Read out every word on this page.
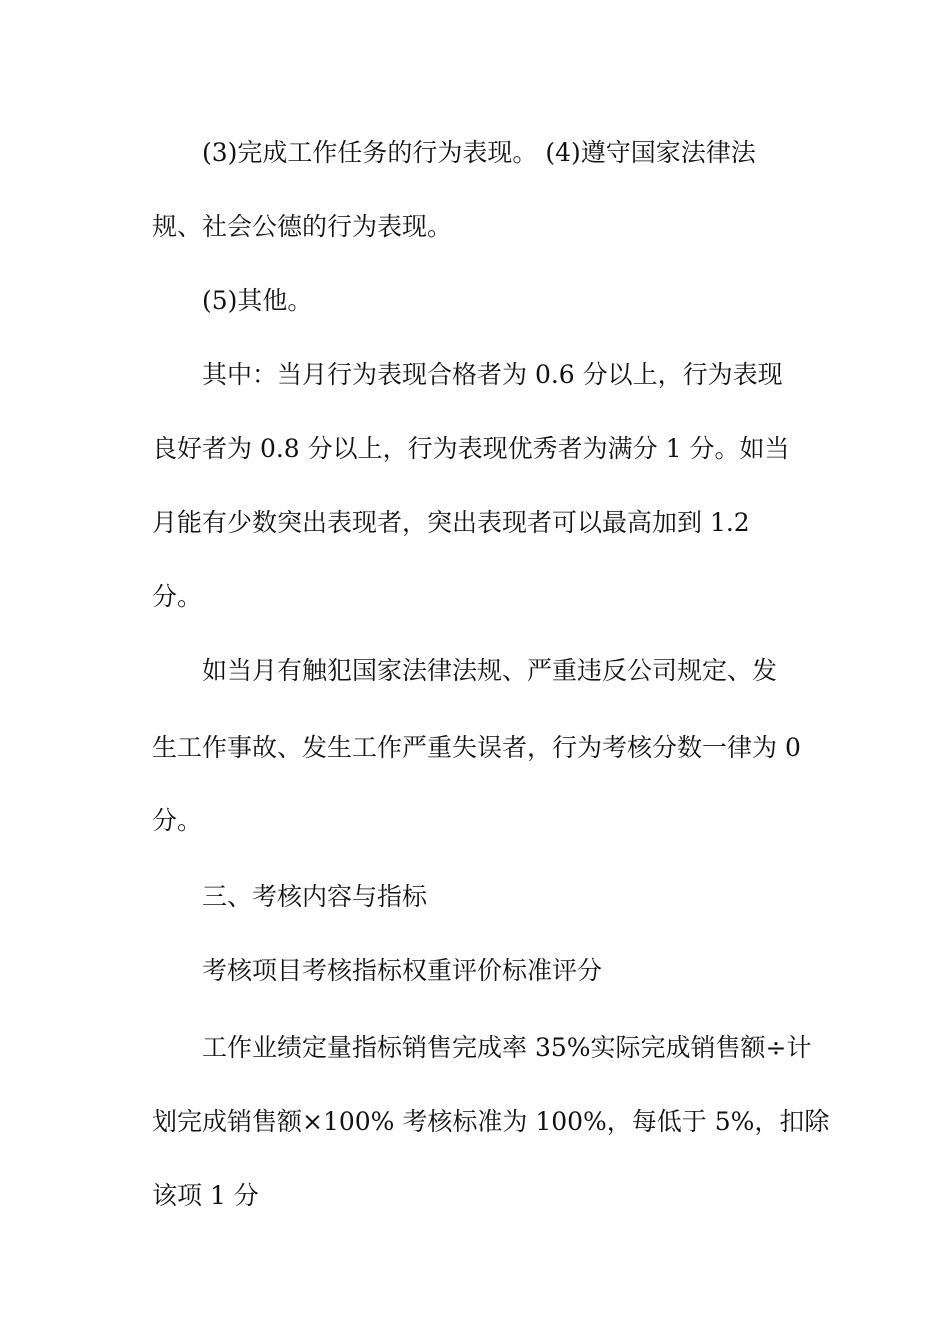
(3)完成工作任务的行为表现。 (4)遵守国家法律法
规、社会公德的行为表现。
(5)其他。
其中：当月行为表现合格者为 0.6 分以上，行为表现
良好者为 0.8 分以上，行为表现优秀者为满分 1 分。如当
月能有少数突出表现者，突出表现者可以最高加到 1.2
分。
如当月有触犯国家法律法规、严重违反公司规定、发
生工作事故、发生工作严重失误者，行为考核分数一律为 0
分。
三、考核内容与指标
考核项目考核指标权重评价标准评分
工作业绩定量指标销售完成率 35%实际完成销售额÷计
划完成销售额×100% 考核标准为 100%，每低于 5%，扣除
该项 1 分
